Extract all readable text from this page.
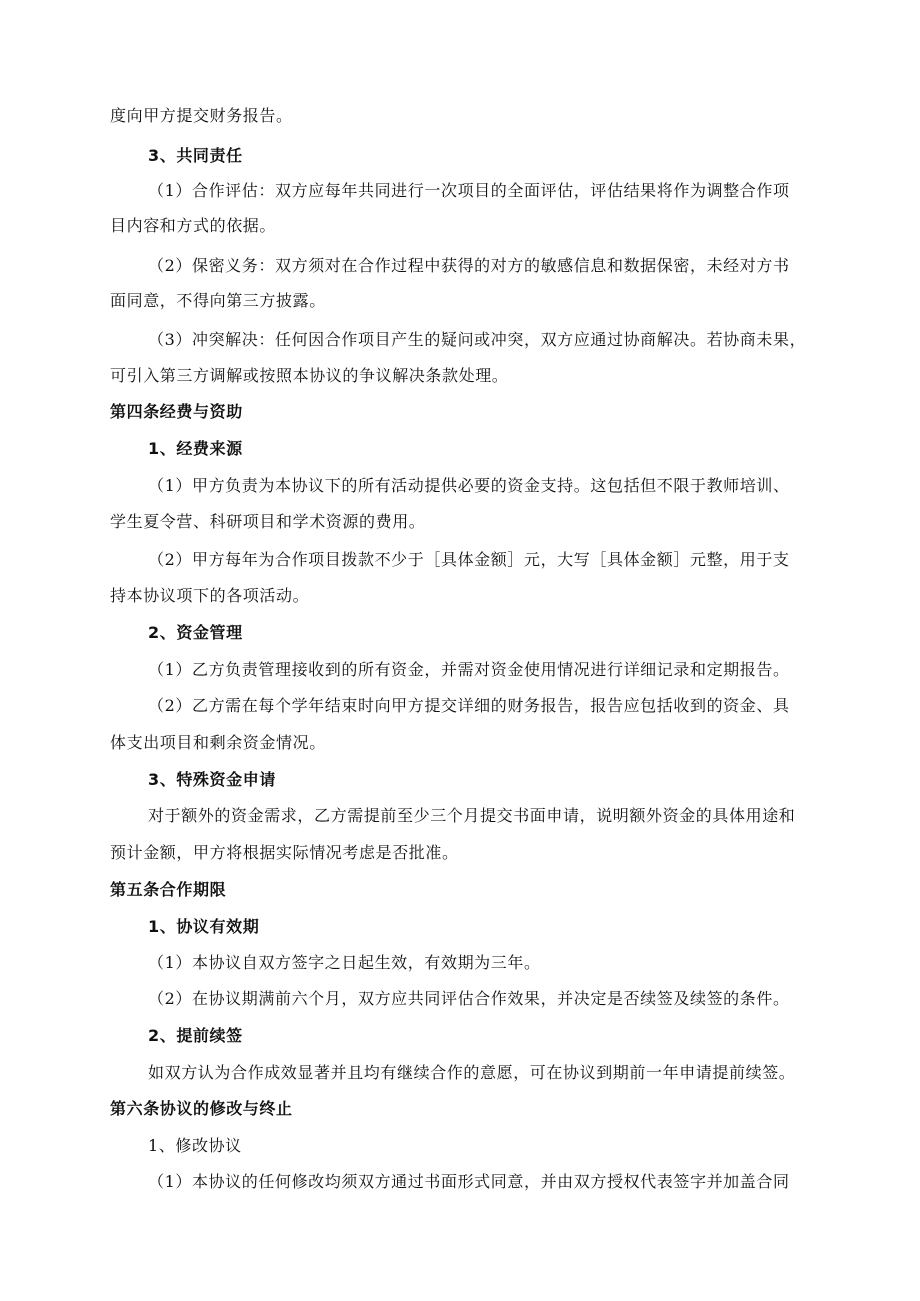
度向甲方提交财务报告。
3、共同责任
（1）合作评估：双方应每年共同进行一次项目的全面评估，评估结果将作为调整合作项
目内容和方式的依据。
（2）保密义务：双方须对在合作过程中获得的对方的敏感信息和数据保密，未经对方书
面同意，不得向第三方披露。
（3）冲突解决：任何因合作项目产生的疑问或冲突，双方应通过协商解决。若协商未果，
可引入第三方调解或按照本协议的争议解决条款处理。
第四条经费与资助
1、经费来源
（1）甲方负责为本协议下的所有活动提供必要的资金支持。这包括但不限于教师培训、
学生夏令营、科研项目和学术资源的费用。
（2）甲方每年为合作项目拨款不少于［具体金额］元，大写［具体金额］元整，用于支
持本协议项下的各项活动。
2、资金管理
（1）乙方负责管理接收到的所有资金，并需对资金使用情况进行详细记录和定期报告。
（2）乙方需在每个学年结束时向甲方提交详细的财务报告，报告应包括收到的资金、具
体支出项目和剩余资金情况。
3、特殊资金申请
对于额外的资金需求，乙方需提前至少三个月提交书面申请，说明额外资金的具体用途和
预计金额，甲方将根据实际情况考虑是否批准。
第五条合作期限
1、协议有效期
（1）本协议自双方签字之日起生效，有效期为三年。
（2）在协议期满前六个月，双方应共同评估合作效果，并决定是否续签及续签的条件。
2、提前续签
如双方认为合作成效显著并且均有继续合作的意愿，可在协议到期前一年申请提前续签。
第六条协议的修改与终止
1、修改协议
（1）本协议的任何修改均须双方通过书面形式同意，并由双方授权代表签字并加盖合同
